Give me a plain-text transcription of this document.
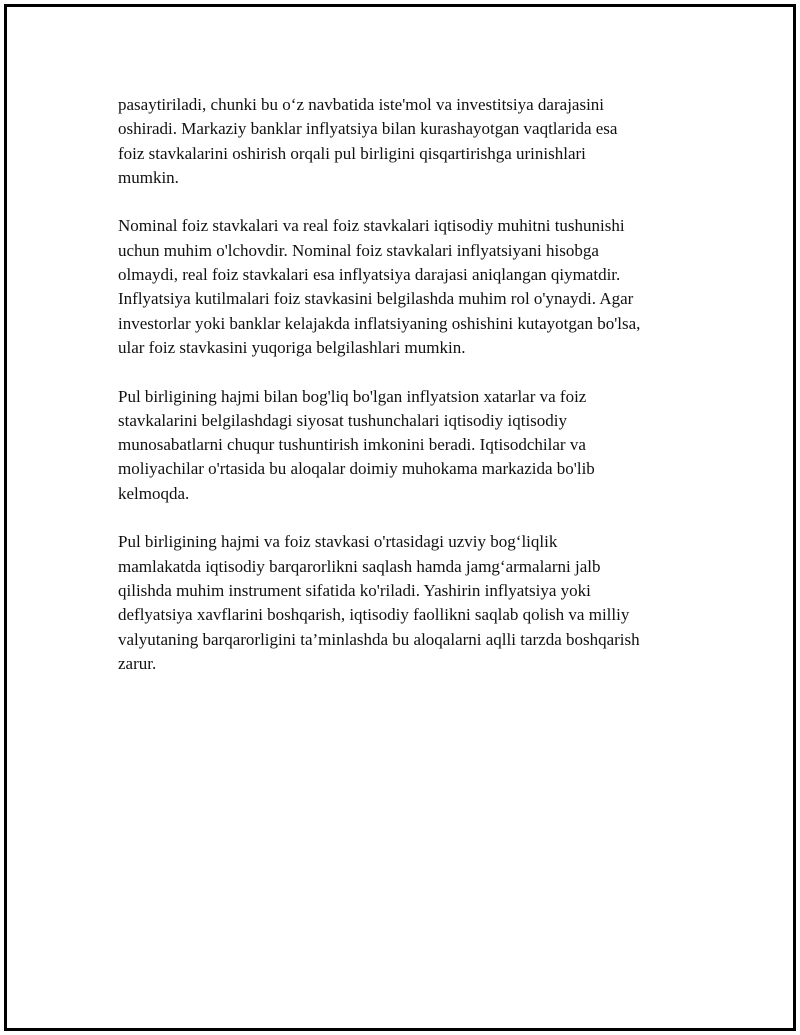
pasaytiriladi, chunki bu o‘z navbatida iste'mol va investitsiya darajasini
oshiradi. Markaziy banklar inflyatsiya bilan kurashayotgan vaqtlarida esa
foiz stavkalarini oshirish orqali pul birligini qisqartirishga urinishlari
mumkin.

Nominal foiz stavkalari va real foiz stavkalari iqtisodiy muhitni tushunishi
uchun muhim o'lchovdir. Nominal foiz stavkalari inflyatsiyani hisobga
olmaydi, real foiz stavkalari esa inflyatsiya darajasi aniqlangan qiymatdir.
Inflyatsiya kutilmalari foiz stavkasini belgilashda muhim rol o'ynaydi. Agar
investorlar yoki banklar kelajakda inflatsiyaning oshishini kutayotgan bo'lsa,
ular foiz stavkasini yuqoriga belgilashlari mumkin.

Pul birligining hajmi bilan bog'liq bo'lgan inflyatsion xatarlar va foiz
stavkalarini belgilashdagi siyosat tushunchalari iqtisodiy iqtisodiy
munosabatlarni chuqur tushuntirish imkonini beradi. Iqtisodchilar va
moliyachilar o'rtasida bu aloqalar doimiy muhokama markazida bo'lib
kelmoqda.

Pul birligining hajmi va foiz stavkasi o'rtasidagi uzviy bog‘liqlik
mamlakatda iqtisodiy barqarorlikni saqlash hamda jamg‘armalarni jalb
qilishda muhim instrument sifatida ko'riladi. Yashirin inflyatsiya yoki
deflyatsiya xavflarini boshqarish, iqtisodiy faollikni saqlab qolish va milliy
valyutaning barqarorligini ta’minlashda bu aloqalarni aqlli tarzda boshqarish
zarur.
